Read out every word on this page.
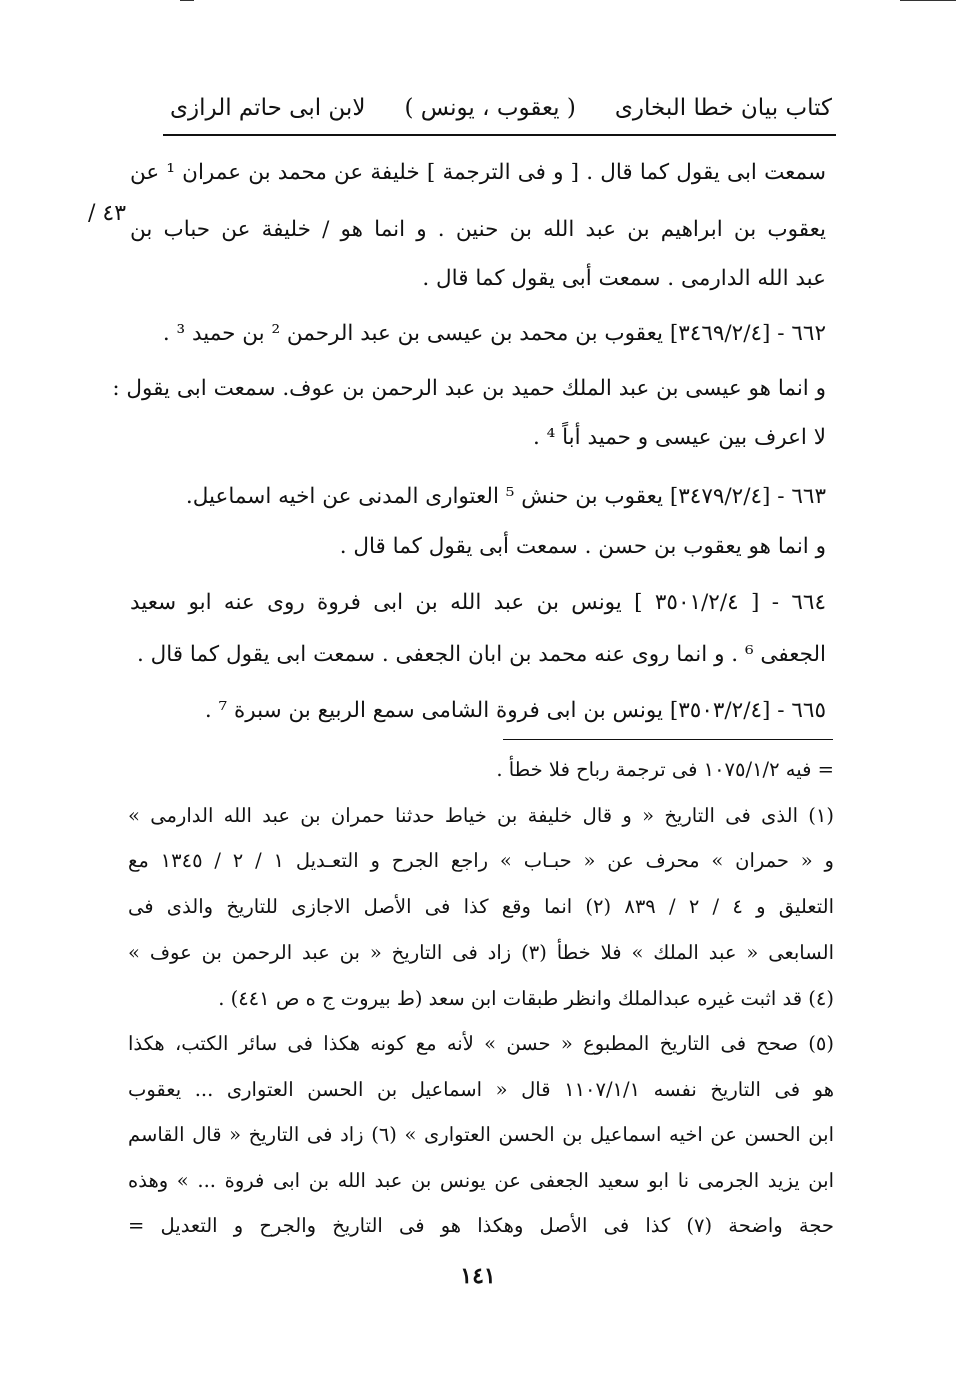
كتاب بيان خطا البخارى
( يعقوب ، يونس )
لابن ابى حاتم الرازى
٤٣ /
سمعت ابى يقول كما قال . [ و فى الترجمة ] خليفة عن محمد بن عمران ¹ عن
يعقوب بن ابراهيم بن عبد الله بن حنين . و انما هو / خليفة عن حباب بن
عبد الله الدارمى . سمعت أبى يقول كما قال .
٦٦٢ - [٣٤٦٩/٢/٤] يعقوب بن محمد بن عيسى بن عبد الرحمن ² بن حميد ³ .
و انما هو عيسى بن عبد الملك حميد بن عبد الرحمن بن عوف. سمعت ابى يقول :
لا اعرف بين عيسى و حميد أباً ⁴ .
٦٦٣ - [٣٤٧٩/٢/٤] يعقوب بن حنش ⁵ العتوارى المدنى عن اخيه اسماعيل.
و انما هو يعقوب بن حسن . سمعت أبى يقول كما قال .
٦٦٤ - [ ٣٥٠١/٢/٤ ] يونس بن عبد الله بن ابى فروة روى عنه ابو سعيد
الجعفى ⁶ . و انما روى عنه محمد بن ابان الجعفى . سمعت ابى يقول كما قال .
٦٦٥ - [٣٥٠٣/٢/٤] يونس بن ابى فروة الشامى سمع الربيع بن سبرة ⁷ .
= فيه ١٠٧٥/١/٢ فى ترجمة رباح فلا خطأ .
(١) الذى فى التاريخ « و قال خليفة بن خياط حدثنا حمران بن عبد الله الدارمى »
و « حمران » محرف عن « حبـاب » راجع الجرح و التعـديل ١ / ٢ / ١٣٤٥ مع
التعليق و ٤ / ٢ / ٨٣٩ (٢) انما وقع كذا فى الأصل الاجازى للتاريخ والذى فى
السابعى « عبد الملك » فلا خطأ (٣) زاد فى التاريخ « بن عبد الرحمن بن عوف »
(٤) قد اثبت غيره عبدالملك وانظر طبقات ابن سعد (ط بيروت ج ه ص ٤٤١) .
(٥) صحح فى التاريخ المطبوع « حسن » لأنه مع كونه هكذا فى سائر الكتب، هكذا
هو فى التاريخ نفسه ١١٠٧/١/١ قال « اسماعيل بن الحسن العتوارى ... يعقوب
ابن الحسن عن اخيه اسماعيل بن الحسن العتوارى » (٦) زاد فى التاريخ « قال القاسم
ابن يزيد الجرمى نا ابو سعيد الجعفى عن يونس بن عبد الله بن ابى فروة ... » وهذه
حجة واضحة (٧) كذا فى الأصل وهكذا هو فى التاريخ والجرح و التعديل =
١٤١
